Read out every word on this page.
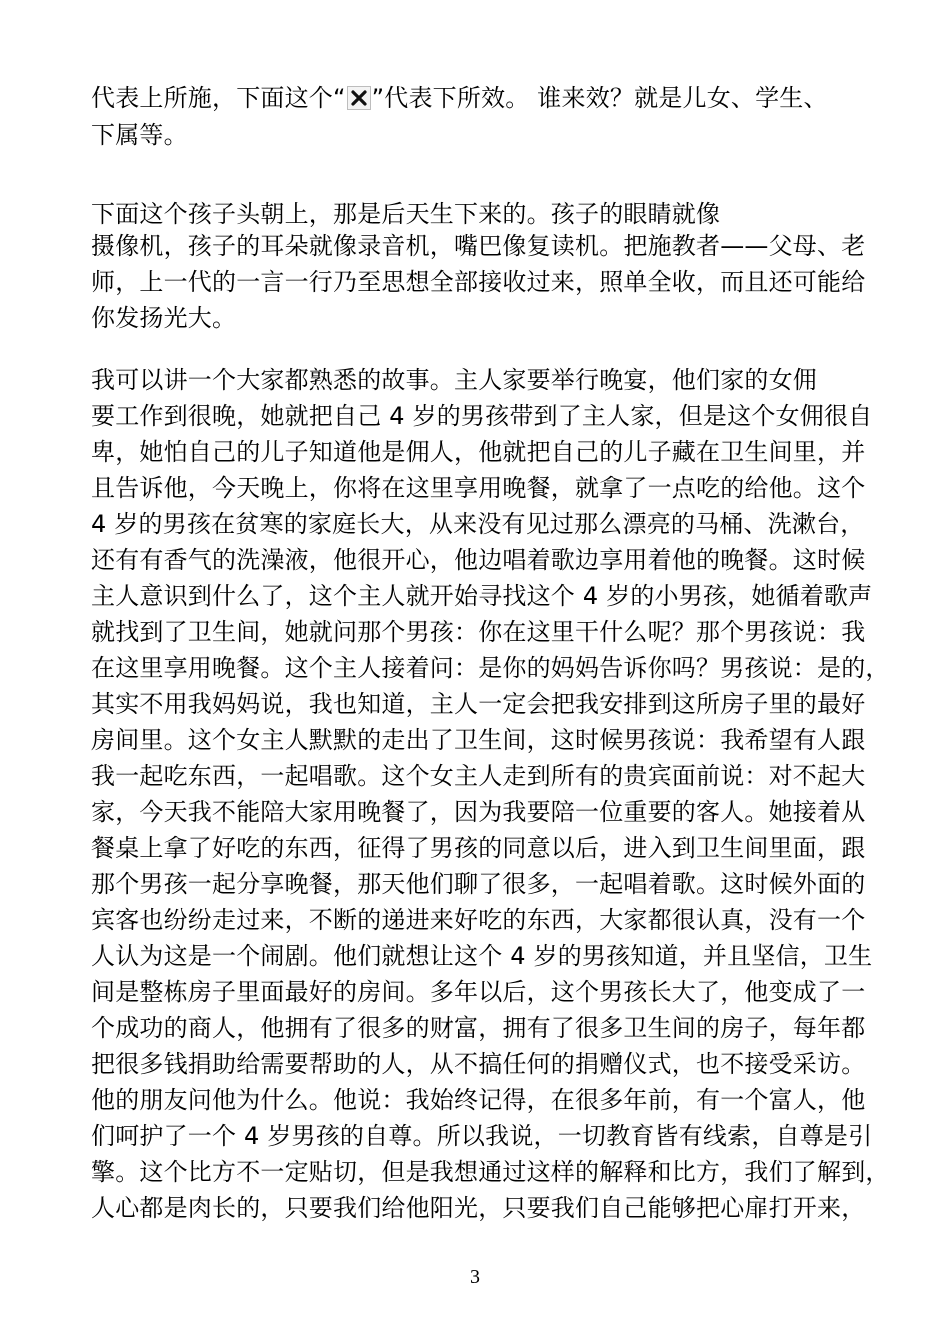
代表上所施，下面这个“ ”代表下所效。 谁来效？就是儿女、学生、
下属等。
下面这个孩子头朝上，那是后天生下来的。孩子的眼睛就像
摄像机，孩子的耳朵就像录音机，嘴巴像复读机。把施教者——父母、老
师，上一代的一言一行乃至思想全部接收过来，照单全收，而且还可能给
你发扬光大。
我可以讲一个大家都熟悉的故事。主人家要举行晚宴，他们家的女佣
要工作到很晚，她就把自己 4 岁的男孩带到了主人家，但是这个女佣很自
卑，她怕自己的儿子知道他是佣人，他就把自己的儿子藏在卫生间里，并
且告诉他，今天晚上，你将在这里享用晚餐，就拿了一点吃的给他。这个
4 岁的男孩在贫寒的家庭长大，从来没有见过那么漂亮的马桶、洗漱台，
还有有香气的洗澡液，他很开心，他边唱着歌边享用着他的晚餐。这时候
主人意识到什么了，这个主人就开始寻找这个 4 岁的小男孩，她循着歌声
就找到了卫生间，她就问那个男孩：你在这里干什么呢？那个男孩说：我
在这里享用晚餐。这个主人接着问：是你的妈妈告诉你吗？男孩说：是的，
其实不用我妈妈说，我也知道，主人一定会把我安排到这所房子里的最好
房间里。这个女主人默默的走出了卫生间，这时候男孩说：我希望有人跟
我一起吃东西，一起唱歌。这个女主人走到所有的贵宾面前说：对不起大
家，今天我不能陪大家用晚餐了，因为我要陪一位重要的客人。她接着从
餐桌上拿了好吃的东西，征得了男孩的同意以后，进入到卫生间里面，跟
那个男孩一起分享晚餐，那天他们聊了很多，一起唱着歌。这时候外面的
宾客也纷纷走过来，不断的递进来好吃的东西，大家都很认真，没有一个
人认为这是一个闹剧。他们就想让这个 4 岁的男孩知道，并且坚信，卫生
间是整栋房子里面最好的房间。多年以后，这个男孩长大了，他变成了一
个成功的商人，他拥有了很多的财富，拥有了很多卫生间的房子，每年都
把很多钱捐助给需要帮助的人，从不搞任何的捐赠仪式，也不接受采访。
他的朋友问他为什么。他说：我始终记得，在很多年前，有一个富人，他
们呵护了一个 4 岁男孩的自尊。所以我说，一切教育皆有线索，自尊是引
擎。这个比方不一定贴切，但是我想通过这样的解释和比方，我们了解到，
人心都是肉长的，只要我们给他阳光，只要我们自己能够把心扉打开来，
3
